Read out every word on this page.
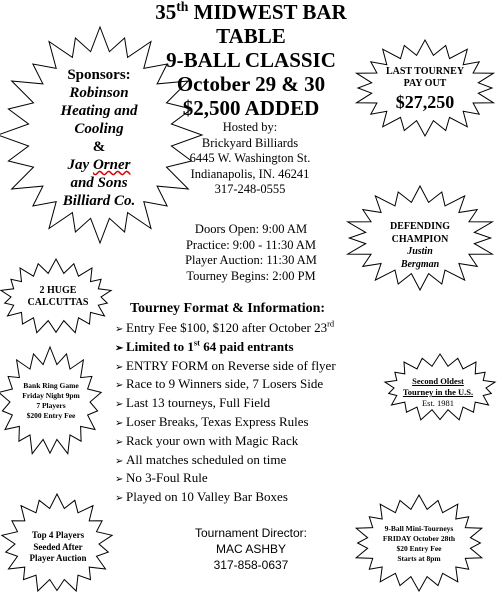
35th MIDWEST BAR TABLE
9-BALL CLASSIC
October 29 & 30
$2,500 ADDED
Sponsors:
Robinson
Heating and
Cooling
&
Jay Orner
and Sons
Billiard Co.
LAST TOURNEY
PAY OUT
$27,250
Hosted by:
Brickyard Billiards
6445 W. Washington St.
Indianapolis, IN. 46241
317-248-0555
Doors Open: 9:00 AM
Practice: 9:00 - 11:30 AM
Player Auction: 11:30 AM
Tourney Begins: 2:00 PM
DEFENDING
CHAMPION
Justin
Bergman
2 HUGE
CALCUTTAS	Tourney Format & Information:
➢ Entry Fee $100, $120 after October 23rd
➢ Limited to 1st 64 paid entrants
➢ ENTRY FORM on Reverse side of flyer
➢ Race to 9 Winners side, 7 Losers Side
➢ Last 13 tourneys, Full Field
➢ Loser Breaks, Texas Express Rules
➢ Rack your own with Magic Rack
➢ All matches scheduled on time
➢ No 3-Foul Rule
➢ Played on 10 Valley Bar Boxes
Bank Ring Game
Friday Night 9pm
7 Players
$200 Entry Fee
Second Oldest
Tourney in the U.S.
Est. 1981
Top 4 Players
Seeded After
Player Auction
Tournament Director:
MAC ASHBY
317-858-0637
9-Ball Mini-Tourneys
FRIDAY October 28th
$20 Entry Fee
Starts at 8pm
